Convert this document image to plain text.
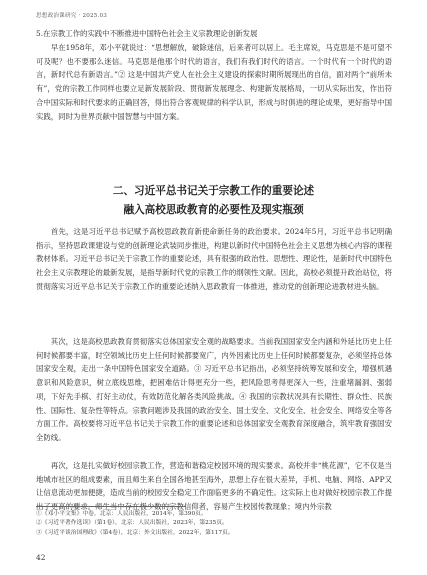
思想政治课研究 · 2025.03
5.在宗教工作的实践中不断推进中国特色社会主义宗教理论创新发展
早在1958年，邓小平就说过：“思想解放，破除迷信，后来者可以居上。毛主席说，马克思是不是可望不可及呢？也不要那么迷信。马克思是他那个时代的语言，我们有我们时代的语言。一个时代有一个时代的语言，新时代总有新语言。”② 这是中国共产党人在社会主义建设的探索时期所展现出的自信，面对两个“前所未有”，党的宗教工作同样也要立足新发展阶段、贯彻新发展理念、构建新发展格局，一切从实际出发，作出符合中国实际和时代要求的正确回答，得出符合客观规律的科学认识，形成与时俱进的理论成果，更好指导中国实践，同时为世界贡献中国智慧与中国方案。
二、习近平总书记关于宗教工作的重要论述
融入高校思政教育的必要性及现实瓶颈
首先，这是习近平总书记赋予高校思政教育新使命新任务的政治要求。2024年5月，习近平总书记明确指示，坚持思政课建设与党的创新理论武装同步推进，构建以新时代中国特色社会主义思想为核心内容的课程教材体系。习近平总书记关于宗教工作的重要论述，具有很强的政治性、思想性、理论性，是新时代中国特色社会主义宗教理论的最新发展，是指导新时代党的宗教工作的纲领性文献。因此，高校必须提升政治站位，将贯彻落实习近平总书记关于宗教工作的重要论述纳入思政教育一体推进，推动党的创新理论进教材进头脑。
其次，这是高校思政教育贯彻落实总体国家安全观的战略要求。当前我国国家安全内涵和外延比历史上任何时候都要丰富，时空领域比历史上任何时候都要宽广，内外因素比历史上任何时候都要复杂，必须坚持总体国家安全观，走出一条中国特色国家安全道路。③ 习近平总书记指出，必须坚持统筹发展和安全，增强机遇意识和风险意识，树立底线思维，把困难估计得更充分一些，把风险思考得更深入一些，注重堵漏洞、强弱项，下好先手棋、打好主动仗，有效防范化解各类风险挑战。④ 我国的宗教状况具有长期性、群众性、民族性、国际性、复杂性等特点。宗教问题涉及我国的政治安全、国土安全、文化安全、社会安全、网络安全等各方面工作。高校要将习近平总书记关于宗教工作的重要论述和总体国家安全观教育深度融合，筑牢教育强国安全防线。
再次，这是扎实做好校园宗教工作，营造和谐稳定校园环境的现实要求。高校并非“桃花源”，它不仅是当地城市社区的组成要素，而且师生来自全国各地甚至海外，思想上存在很大差异，手机、电脑、网络、APP又让信息流动更加便捷，造成当前的校园安全稳定工作面临更多的不确定性。这实际上也对做好校园宗教工作提出了更高的要求。师生当中存在极少数的宗教信仰者，容易产生校园传教现象；境内外宗教
①《邓小平文集》中卷，北京：人民出版社，2014年，第390页。
②《习近平著作选读》（第1卷），北京：人民出版社，2023年，第235页。
③《习近平谈治国理政》（第4卷），北京：外文出版社，2022年，第117页。
42
